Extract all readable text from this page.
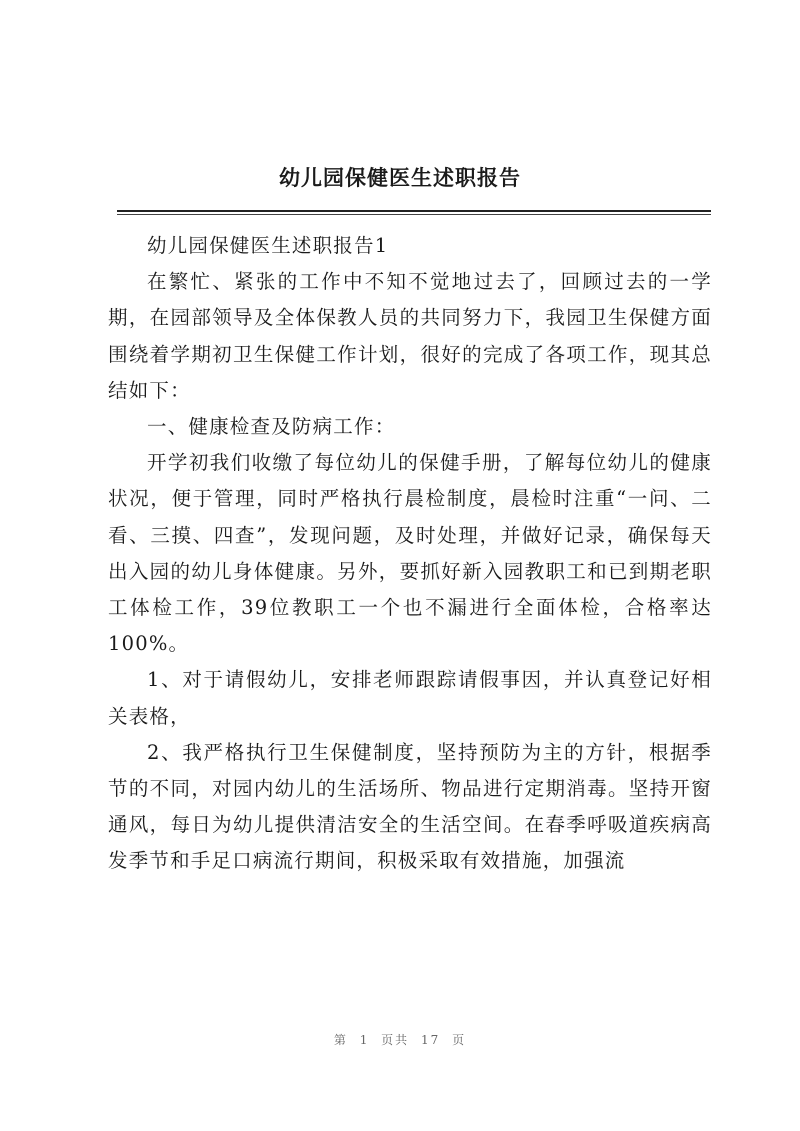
幼儿园保健医生述职报告

幼儿园保健医生述职报告1

在繁忙、紧张的工作中不知不觉地过去了，回顾过去的一学期，在园部领导及全体保教人员的共同努力下，我园卫生保健方面围绕着学期初卫生保健工作计划，很好的完成了各项工作，现其总结如下：

一、健康检查及防病工作：

开学初我们收缴了每位幼儿的保健手册，了解每位幼儿的健康状况，便于管理，同时严格执行晨检制度，晨检时注重“一问、二看、三摸、四查”，发现问题，及时处理，并做好记录，确保每天出入园的幼儿身体健康。另外，要抓好新入园教职工和已到期老职工体检工作，39位教职工一个也不漏进行全面体检，合格率达100%。

1、对于请假幼儿，安排老师跟踪请假事因，并认真登记好相关表格，

2、我严格执行卫生保健制度，坚持预防为主的方针，根据季节的不同，对园内幼儿的生活场所、物品进行定期消毒。坚持开窗通风，每日为幼儿提供清洁安全的生活空间。在春季呼吸道疾病高发季节和手足口病流行期间，积极采取有效措施，加强流

第 1 页共 17 页
